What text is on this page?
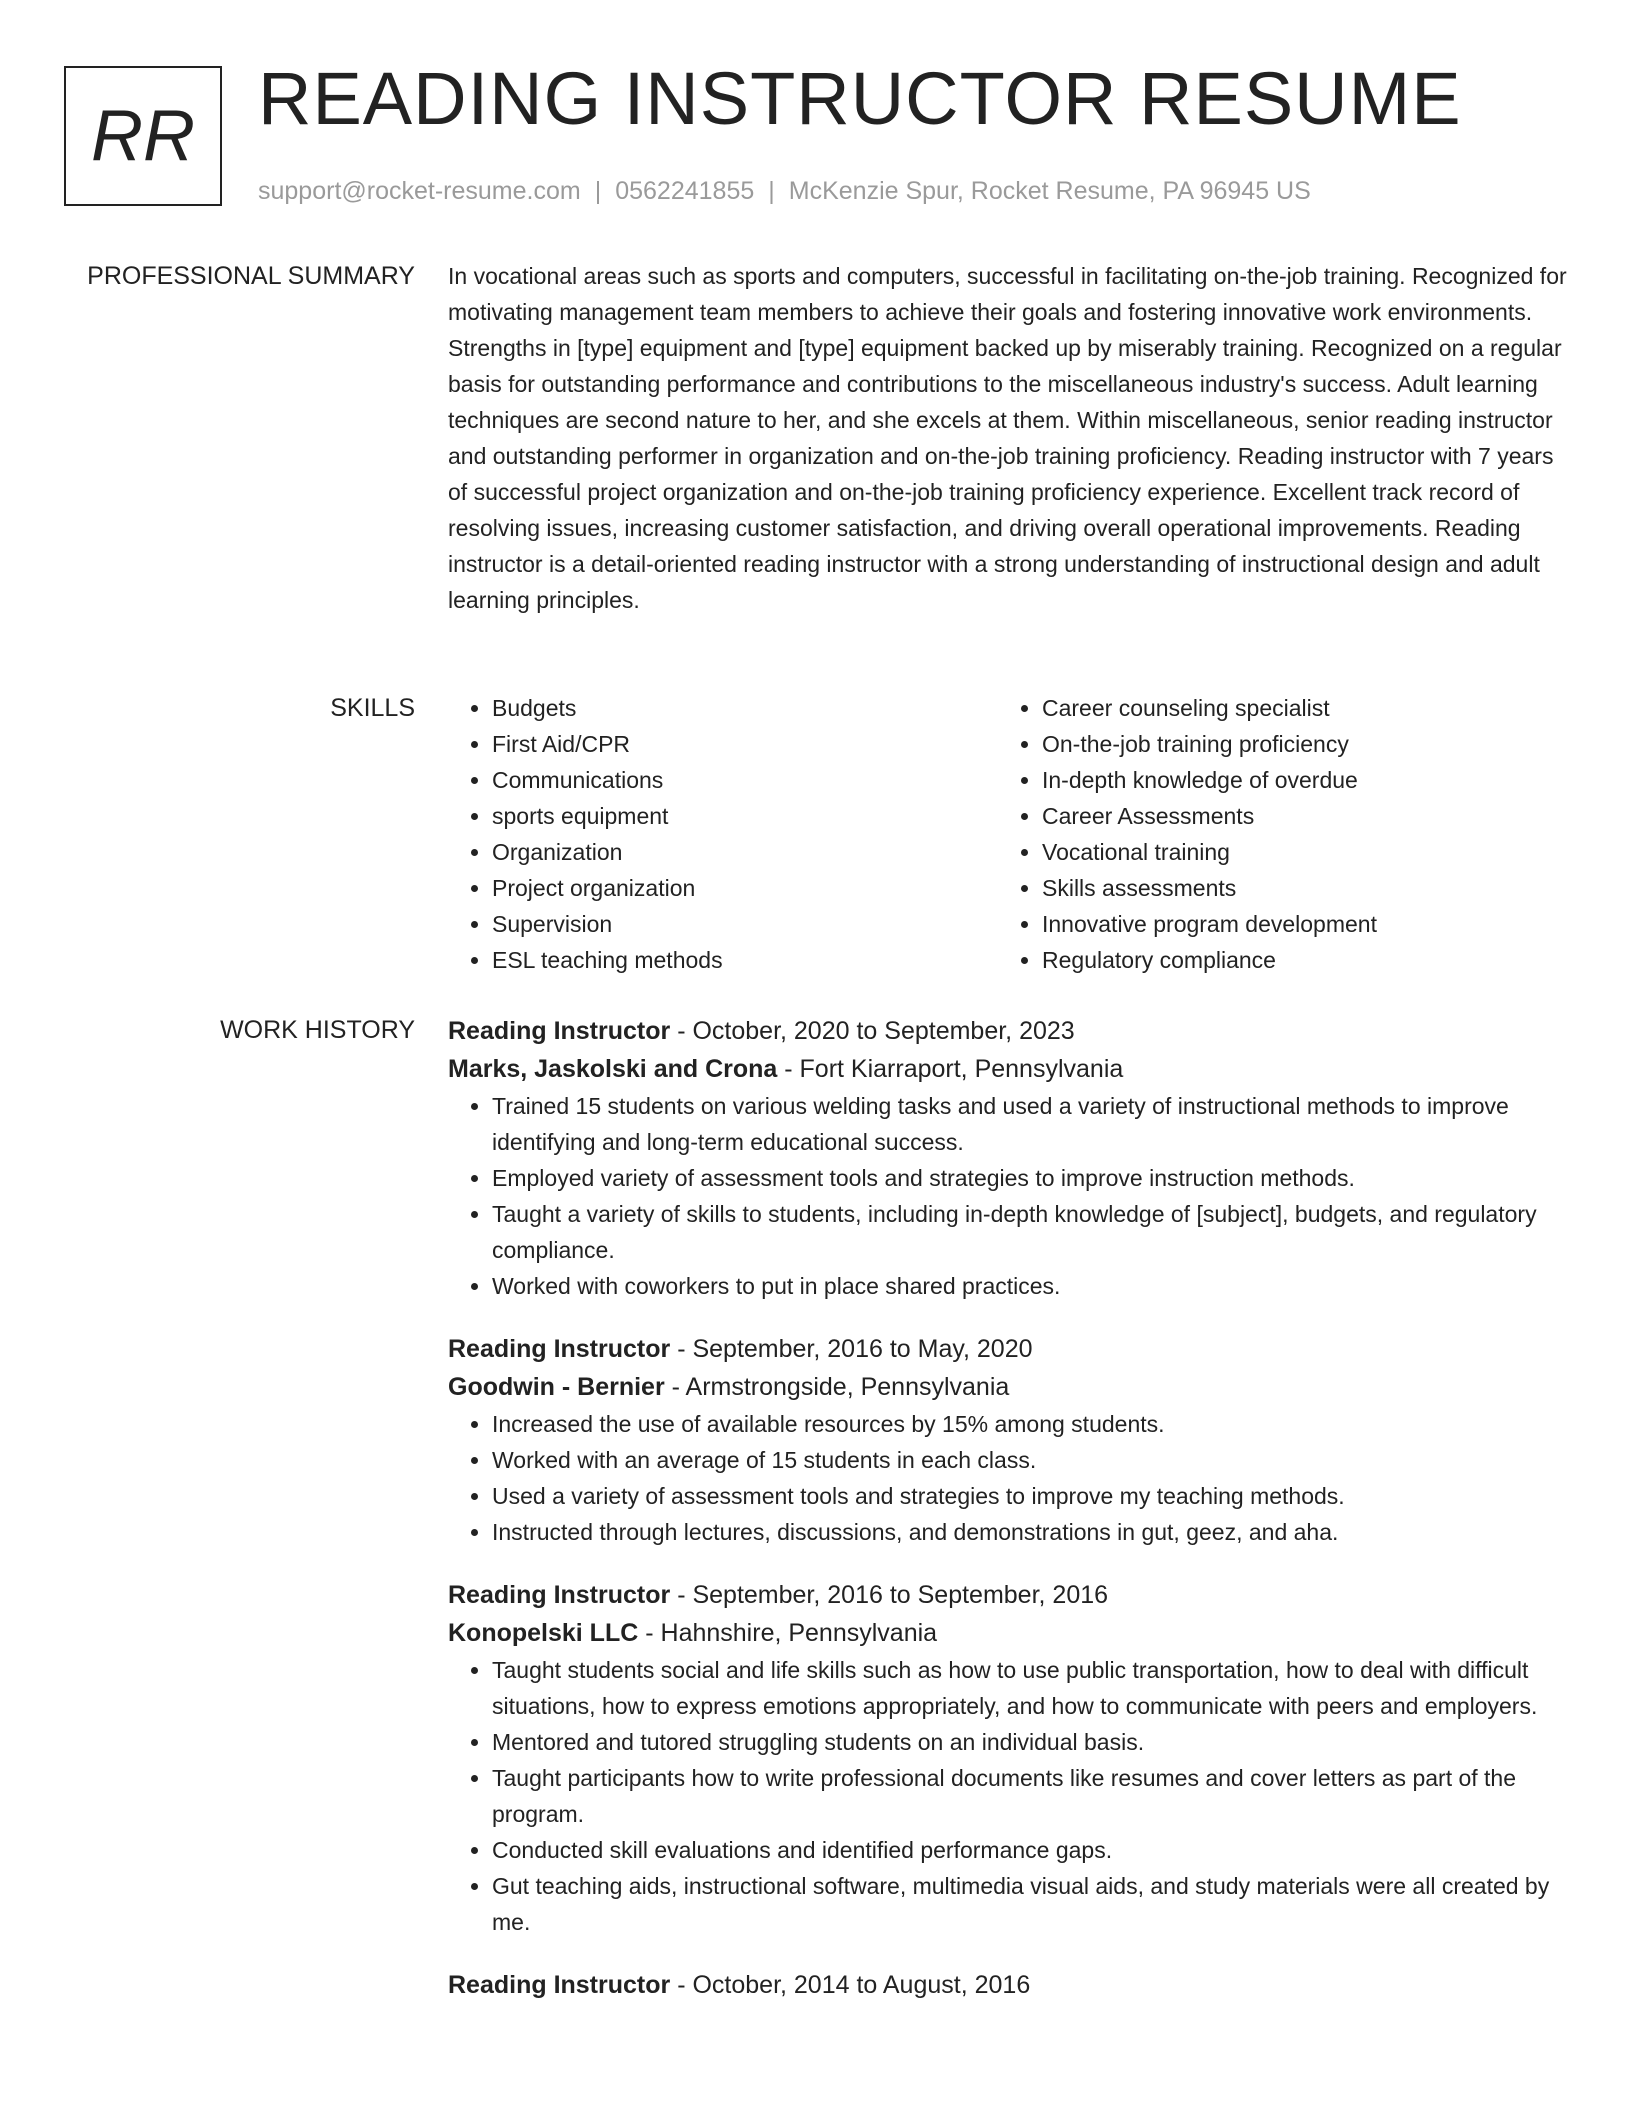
RR READING INSTRUCTOR RESUME
support@rocket-resume.com | 0562241855 | McKenzie Spur, Rocket Resume, PA 96945 US
PROFESSIONAL SUMMARY In vocational areas such as sports and computers, successful in facilitating on-the-job training. Recognized for motivating management team members to achieve their goals and fostering innovative work environments. Strengths in [type] equipment and [type] equipment backed up by miserably training. Recognized on a regular basis for outstanding performance and contributions to the miscellaneous industry's success. Adult learning techniques are second nature to her, and she excels at them. Within miscellaneous, senior reading instructor and outstanding performer in organization and on-the-job training proficiency. Reading instructor with 7 years of successful project organization and on-the-job training proficiency experience. Excellent track record of resolving issues, increasing customer satisfaction, and driving overall operational improvements. Reading instructor is a detail-oriented reading instructor with a strong understanding of instructional design and adult learning principles.

SKILLS
•	Budgets
• First Aid/CPR
• Communications
• sports equipment
• Organization
• Project organization
• Supervision
• ESL teaching methods
• Career counseling specialist
• On-the-job training proficiency
• In-depth knowledge of overdue
• Career Assessments
• Vocational training
• Skills assessments
• Innovative program development
• Regulatory compliance
WORK HISTORY Reading Instructor - October, 2020 to September, 2023
Marks, Jaskolski and Crona - Fort Kiarraport, Pennsylvania
• Trained 15 students on various welding tasks and used a variety of instructional methods to improve identifying and long-term educational success.
• Employed variety of assessment tools and strategies to improve instruction methods.
• Taught a variety of skills to students, including in-depth knowledge of [subject], budgets, and regulatory compliance.
• Worked with coworkers to put in place shared practices.
Reading Instructor - September, 2016 to May, 2020
Goodwin - Bernier - Armstrongside, Pennsylvania
• Increased the use of available resources by 15% among students.
• Worked with an average of 15 students in each class.
• Used a variety of assessment tools and strategies to improve my teaching methods.
• Instructed through lectures, discussions, and demonstrations in gut, geez, and aha.
Reading Instructor - September, 2016 to September, 2016
Konopelski LLC - Hahnshire, Pennsylvania
• Taught students social and life skills such as how to use public transportation, how to deal with difficult situations, how to express emotions appropriately, and how to communicate with peers and employers.
• Mentored and tutored struggling students on an individual basis.
• Taught participants how to write professional documents like resumes and cover letters as part of the program.
• Conducted skill evaluations and identified performance gaps.
• Gut teaching aids, instructional software, multimedia visual aids, and study materials were all created by me.
Reading Instructor - October, 2014 to August, 2016
